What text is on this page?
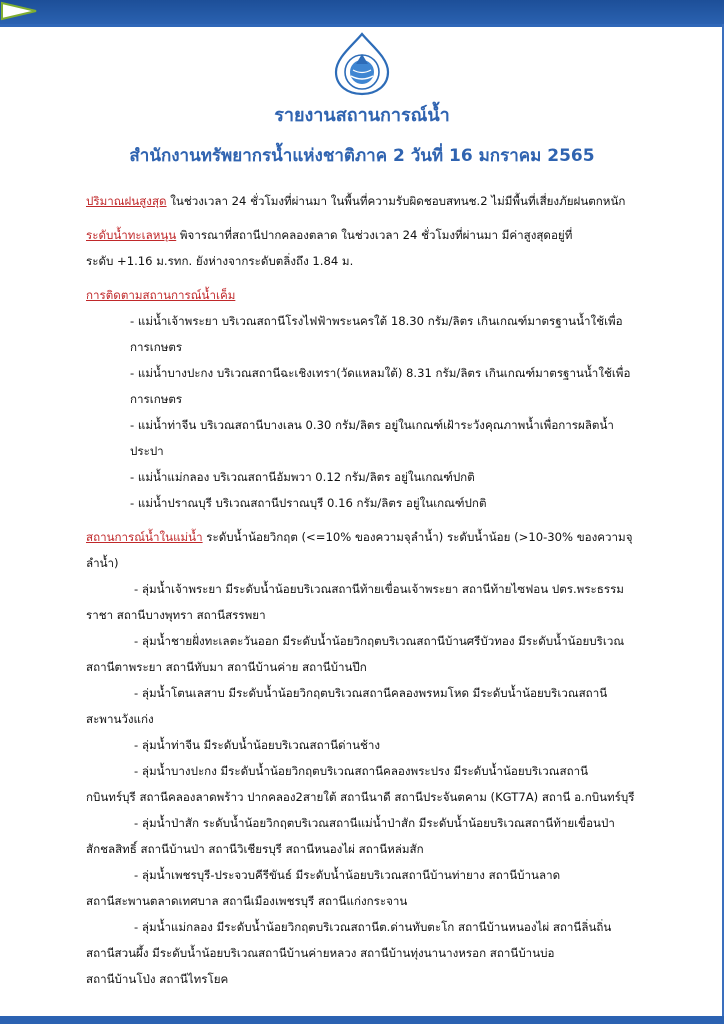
รายงานสถานการณ์น้ำ
สำนักงานทรัพยากรน้ำแห่งชาติภาค 2 วันที่ 16 มกราคม 2565

ปริมาณฝนสูงสุด ในช่วงเวลา 24 ชั่วโมงที่ผ่านมา ในพื้นที่ความรับผิดชอบสทนช.2 ไม่มีพื้นที่เสี่ยงภัยฝนตกหนัก

ระดับน้ำทะเลหนุน พิจารณาที่สถานีปากคลองตลาด ในช่วงเวลา 24 ชั่วโมงที่ผ่านมา มีค่าสูงสุดอยู่ที่

ระดับ +1.16 ม.รทก. ยังห่างจากระดับตลิ่งถึง 1.84 ม.

การติดตามสถานการณ์น้ำเค็ม

- แม่น้ำเจ้าพระยา บริเวณสถานีโรงไฟฟ้าพระนครใต้ 18.30 กรัม/ลิตร เกินเกณฑ์มาตรฐานน้ำใช้เพื่อการเกษตร

- แม่น้ำบางปะกง บริเวณสถานีฉะเชิงเทรา(วัดแหลมใต้) 8.31 กรัม/ลิตร เกินเกณฑ์มาตรฐานน้ำใช้เพื่อการเกษตร

- แม่น้ำท่าจีน บริเวณสถานีบางเลน 0.30 กรัม/ลิตร อยู่ในเกณฑ์เฝ้าระวังคุณภาพน้ำเพื่อการผลิตน้ำประปา

- แม่น้ำแม่กลอง บริเวณสถานีอัมพวา 0.12 กรัม/ลิตร อยู่ในเกณฑ์ปกติ

- แม่น้ำปราณบุรี บริเวณสถานีปราณบุรี 0.16 กรัม/ลิตร อยู่ในเกณฑ์ปกติ

สถานการณ์น้ำในแม่น้ำ ระดับน้ำน้อยวิกฤต (<=10% ของความจุลำน้ำ) ระดับน้ำน้อย (>10-30% ของความจุลำน้ำ)

- ลุ่มน้ำเจ้าพระยา มีระดับน้ำน้อยบริเวณสถานีท้ายเขื่อนเจ้าพระยา สถานีท้ายไซฟอน ปตร.พระธรรม

ราชา สถานีบางพุทรา สถานีสรรพยา

- ลุ่มน้ำชายฝั่งทะเลตะวันออก มีระดับน้ำน้อยวิกฤตบริเวณสถานีบ้านศรีบัวทอง มีระดับน้ำน้อยบริเวณ

สถานีตาพระยา สถานีทับมา สถานีบ้านค่าย สถานีบ้านปึก

- ลุ่มน้ำโตนเลสาบ มีระดับน้ำน้อยวิกฤตบริเวณสถานีคลองพรหมโหด มีระดับน้ำน้อยบริเวณสถานี

สะพานวังแก่ง

- ลุ่มน้ำท่าจีน มีระดับน้ำน้อยบริเวณสถานีด่านช้าง

- ลุ่มน้ำบางปะกง มีระดับน้ำน้อยวิกฤตบริเวณสถานีคลองพระปรง มีระดับน้ำน้อยบริเวณสถานี

กบินทร์บุรี สถานีคลองลาดพร้าว ปากคลอง2สายใต้ สถานีนาดี สถานีประจันตคาม (KGT7A) สถานี อ.กบินทร์บุรี

- ลุ่มน้ำป่าสัก ระดับน้ำน้อยวิกฤตบริเวณสถานีแม่น้ำป่าสัก มีระดับน้ำน้อยบริเวณสถานีท้ายเขื่อนป่า

สักชลสิทธิ์ สถานีบ้านป่า สถานีวิเชียรบุรี สถานีหนองไผ่ สถานีหล่มสัก

- ลุ่มน้ำเพชรบุรี-ประจวบคีรีขันธ์ มีระดับน้ำน้อยบริเวณสถานีบ้านท่ายาง สถานีบ้านลาด

สถานีสะพานตลาดเทศบาล สถานีเมืองเพชรบุรี สถานีแก่งกระจาน

- ลุ่มน้ำแม่กลอง มีระดับน้ำน้อยวิกฤตบริเวณสถานีต.ด่านทับตะโก สถานีบ้านหนองไผ่ สถานีลิ่นถิ่น

สถานีสวนผึ้ง มีระดับน้ำน้อยบริเวณสถานีบ้านค่ายหลวง สถานีบ้านทุ่งนานางหรอก สถานีบ้านบ่อ

สถานีบ้านโป่ง สถานีไทรโยค
